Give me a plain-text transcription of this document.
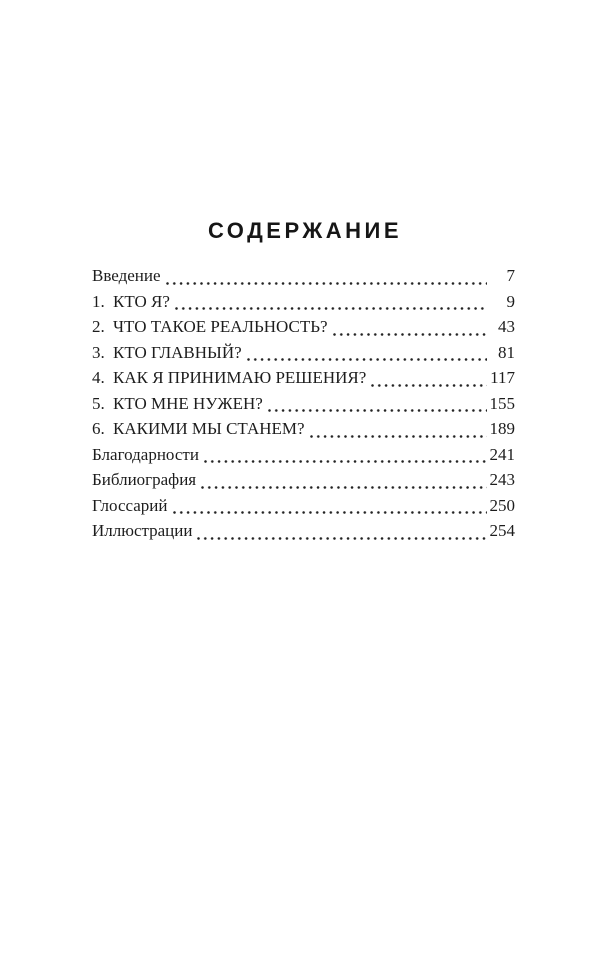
СОДЕРЖАНИЕ
Введение	7
1. КТО Я?	9
2. ЧТО ТАКОЕ РЕАЛЬНОСТЬ?	43
3. КТО ГЛАВНЫЙ?	81
4. КАК Я ПРИНИМАЮ РЕШЕНИЯ?	117
5. КТО МНЕ НУЖЕН?	155
6. КАКИМИ МЫ СТАНЕМ?	189
Благодарности	241
Библиография	243
Глоссарий	250
Иллюстрации	254
